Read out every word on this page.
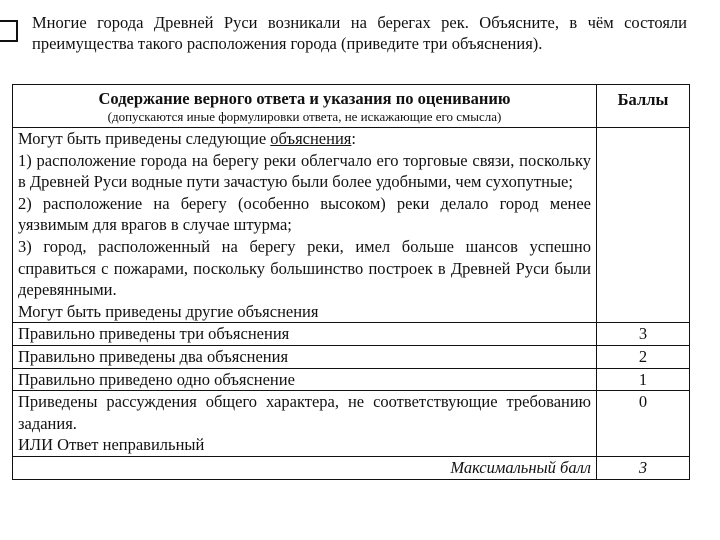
Многие города Древней Руси возникали на берегах рек. Объясните, в чём состояли преимущества такого расположения города (приведите три объяснения).
Содержание верного ответа и указания по оцениванию
(допускаются иные формулировки ответа, не искажающие его смысла)	Баллы

Могут быть приведены следующие объяснения:

1) расположение города на берегу реки облегчало его торговые связи, поскольку в Древней Руси водные пути зачастую были более удобными, чем сухопутные;

2) расположение на берегу (особенно высоком) реки делало город менее уязвимым для врагов в случае штурма;

3) город, расположенный на берегу реки, имел больше шансов успешно справиться с пожарами, поскольку большинство построек в Древней Руси были деревянными.

Могут быть приведены другие объяснения	

Правильно приведены три объяснения	3
Правильно приведены два объяснения	2
Правильно приведено одно объяснение	1

Приведены рассуждения общего характера, не соответствующие требованию задания.

ИЛИ Ответ неправильный	0
Максимальный балл	3
